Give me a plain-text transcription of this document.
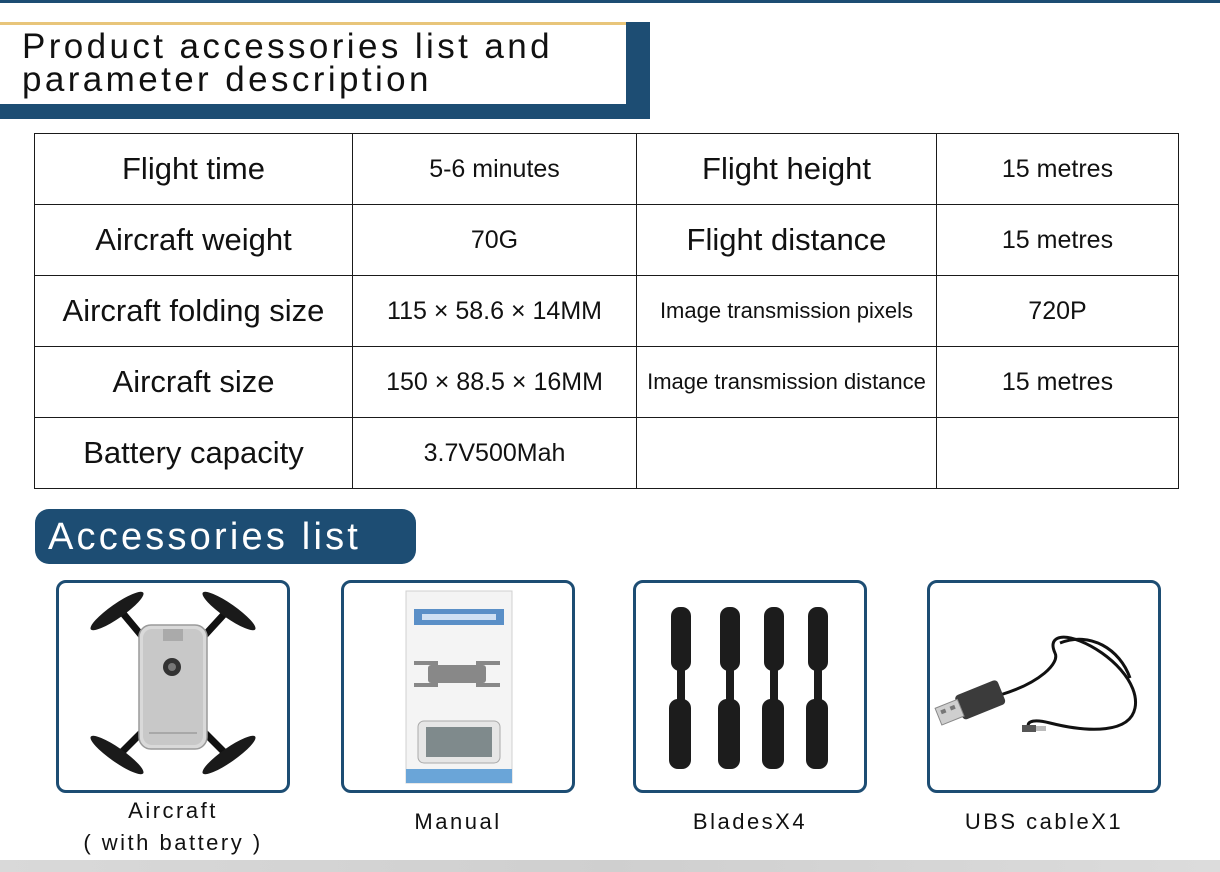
Product accessories list and
parameter description
Flight time	5-6 minutes	Flight height	15 metres
Aircraft weight	70G	Flight distance	15 metres
Aircraft folding size	115 × 58.6 × 14MM	Image transmission pixels	720P
Aircraft size	150 × 88.5 × 16MM	Image transmission distance	15 metres
Battery capacity	3.7V500Mah		
Accessories list
Aircraft
( with battery )
Manual	BladesX4	UBS cableX1
